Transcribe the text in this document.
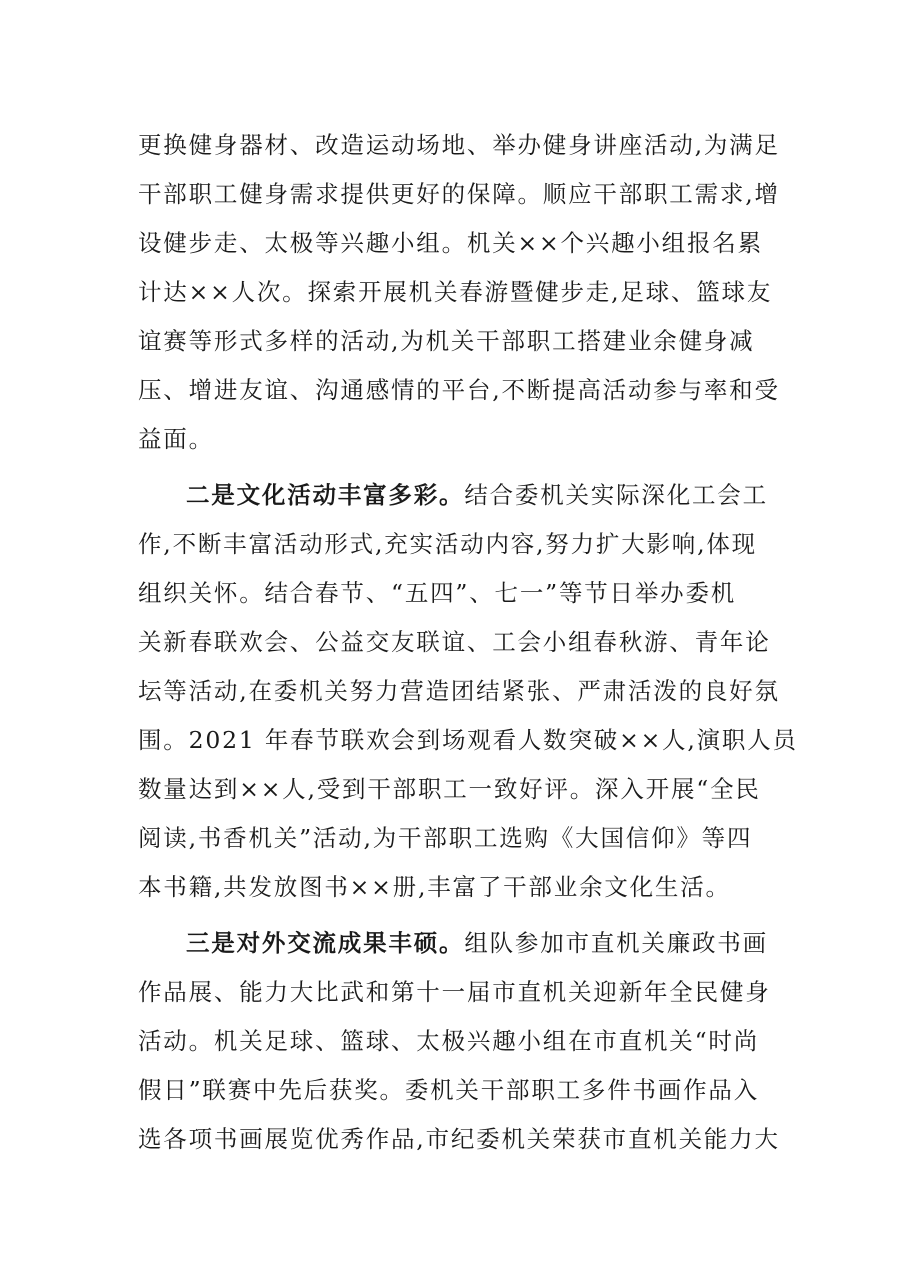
更换健身器材、改造运动场地、举办健身讲座活动,为满足
干部职工健身需求提供更好的保障。顺应干部职工需求,增
设健步走、太极等兴趣小组。机关××个兴趣小组报名累
计达××人次。探索开展机关春游暨健步走,足球、篮球友
谊赛等形式多样的活动,为机关干部职工搭建业余健身减
压、增进友谊、沟通感情的平台,不断提高活动参与率和受
益面。
二是文化活动丰富多彩。结合委机关实际深化工会工
作,不断丰富活动形式,充实活动内容,努力扩大影响,体现
组织关怀。结合春节、“五四”、七一”等节日举办委机
关新春联欢会、公益交友联谊、工会小组春秋游、青年论
坛等活动,在委机关努力营造团结紧张、严肃活泼的良好氛
围。2021 年春节联欢会到场观看人数突破××人,演职人员
数量达到××人,受到干部职工一致好评。深入开展“全民
阅读,书香机关”活动,为干部职工选购《大国信仰》等四
本书籍,共发放图书××册,丰富了干部业余文化生活。
三是对外交流成果丰硕。组队参加市直机关廉政书画
作品展、能力大比武和第十一届市直机关迎新年全民健身
活动。机关足球、篮球、太极兴趣小组在市直机关“时尚
假日”联赛中先后获奖。委机关干部职工多件书画作品入
选各项书画展览优秀作品,市纪委机关荣获市直机关能力大
